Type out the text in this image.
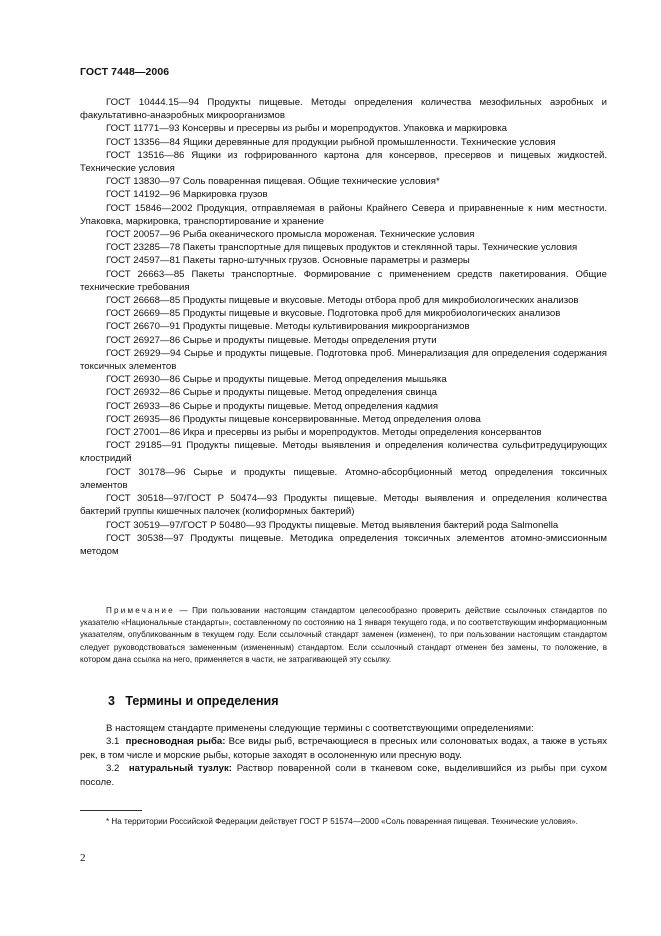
ГОСТ 7448—2006

ГОСТ 10444.15—94 Продукты пищевые. Методы определения количества мезофильных аэробных и факультативно-анаэробных микроорганизмов

ГОСТ 11771—93 Консервы и пресервы из рыбы и морепродуктов. Упаковка и маркировка

ГОСТ 13356—84 Ящики деревянные для продукции рыбной промышленности. Технические условия

ГОСТ 13516—86 Ящики из гофрированного картона для консервов, пресервов и пищевых жидкостей. Технические условия

ГОСТ 13830—97 Соль поваренная пищевая. Общие технические условия*

ГОСТ 14192—96 Маркировка грузов

ГОСТ 15846—2002 Продукция, отправляемая в районы Крайнего Севера и приравненные к ним местности. Упаковка, маркировка, транспортирование и хранение

ГОСТ 20057—96 Рыба океанического промысла мороженая. Технические условия

ГОСТ 23285—78 Пакеты транспортные для пищевых продуктов и стеклянной тары. Технические условия

ГОСТ 24597—81 Пакеты тарно-штучных грузов. Основные параметры и размеры

ГОСТ 26663—85 Пакеты транспортные. Формирование с применением средств пакетирования. Общие технические требования

ГОСТ 26668—85 Продукты пищевые и вкусовые. Методы отбора проб для микробиологических анализов

ГОСТ 26669—85 Продукты пищевые и вкусовые. Подготовка проб для микробиологических анализов

ГОСТ 26670—91 Продукты пищевые. Методы культивирования микроорганизмов

ГОСТ 26927—86 Сырье и продукты пищевые. Методы определения ртути

ГОСТ 26929—94 Сырье и продукты пищевые. Подготовка проб. Минерализация для определения содержания токсичных элементов

ГОСТ 26930—86 Сырье и продукты пищевые. Метод определения мышьяка

ГОСТ 26932—86 Сырье и продукты пищевые. Метод определения свинца

ГОСТ 26933—86 Сырье и продукты пищевые. Метод определения кадмия

ГОСТ 26935—86 Продукты пищевые консервированные. Метод определения олова

ГОСТ 27001—86 Икра и пресервы из рыбы и морепродуктов. Методы определения консервантов

ГОСТ 29185—91 Продукты пищевые. Методы выявления и определения количества сульфитредуцирующих клостридий

ГОСТ 30178—96 Сырье и продукты пищевые. Атомно-абсорбционный метод определения токсичных элементов

ГОСТ 30518—97/ГОСТ Р 50474—93 Продукты пищевые. Методы выявления и определения количества бактерий группы кишечных палочек (колиформных бактерий)

ГОСТ 30519—97/ГОСТ Р 50480—93 Продукты пищевые. Метод выявления бактерий рода Salmonella

ГОСТ 30538—97 Продукты пищевые. Методика определения токсичных элементов атомно-эмиссионным методом

Примечание — При пользовании настоящим стандартом целесообразно проверить действие ссылочных стандартов по указателю «Национальные стандарты», составленному по состоянию на 1 января текущего года, и по соответствующим информационным указателям, опубликованным в текущем году. Если ссылочный стандарт заменен (изменен), то при пользовании настоящим стандартом следует руководствоваться замененным (измененным) стандартом. Если ссылочный стандарт отменен без замены, то положение, в котором дана ссылка на него, применяется в части, не затрагивающей эту ссылку.

3 Термины и определения

В настоящем стандарте применены следующие термины с соответствующими определениями:

3.1 пресноводная рыба: Все виды рыб, встречающиеся в пресных или солоноватых водах, а также в устьях рек, в том числе и морские рыбы, которые заходят в осолоненную или пресную воду.

3.2 натуральный тузлук: Раствор поваренной соли в тканевом соке, выделившийся из рыбы при сухом посоле.

* На территории Российской Федерации действует ГОСТ Р 51574—2000 «Соль поваренная пищевая. Технические условия».

2
